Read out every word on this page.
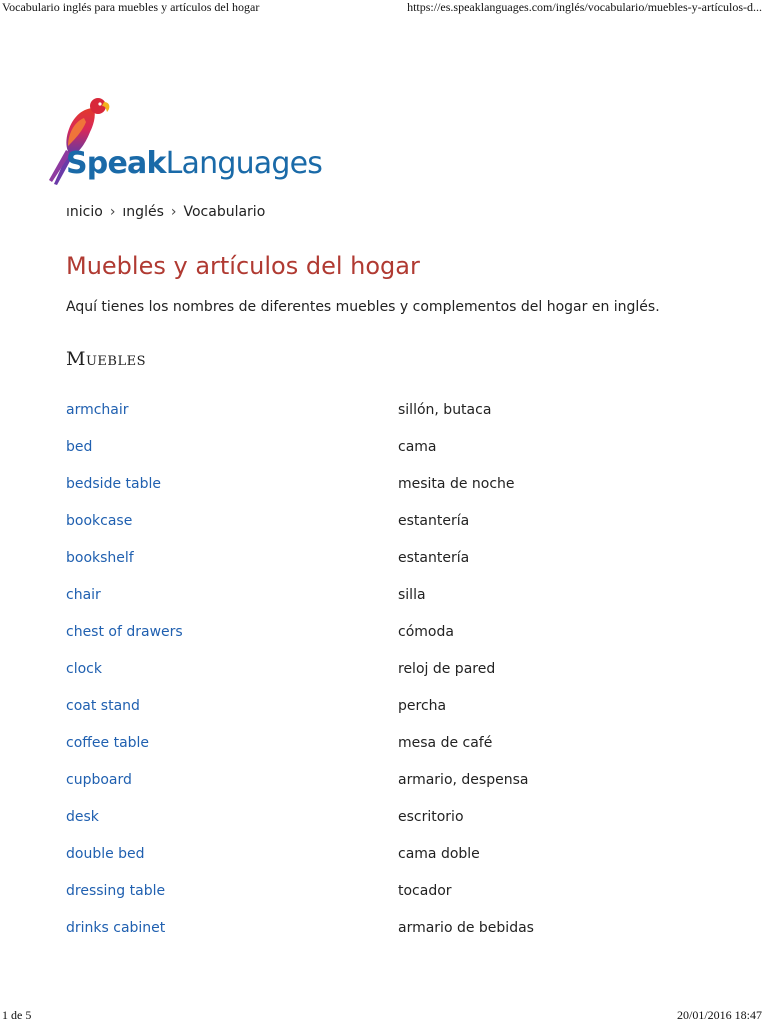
Vocabulario inglés para muebles y artículos del hogar	https://es.speaklanguages.com/inglés/vocabulario/muebles-y-artículos-d...
SpeakLanguages
ınicio › ınglés › Vocabulario
Muebles y artículos del hogar

Aquí tienes los nombres de diferentes muebles y complementos del hogar en inglés.

Muebles
armchair	sillón, butaca
bed	cama
bedside table	mesita de noche
bookcase	estantería
bookshelf	estantería
chair	silla
chest of drawers	cómoda
clock	reloj de pared
coat stand	percha
coffee table	mesa de café
cupboard	armario, despensa
desk	escritorio
double bed	cama doble
dressing table	tocador
drinks cabinet	armario de bebidas
1 de 5	20/01/2016 18:47
